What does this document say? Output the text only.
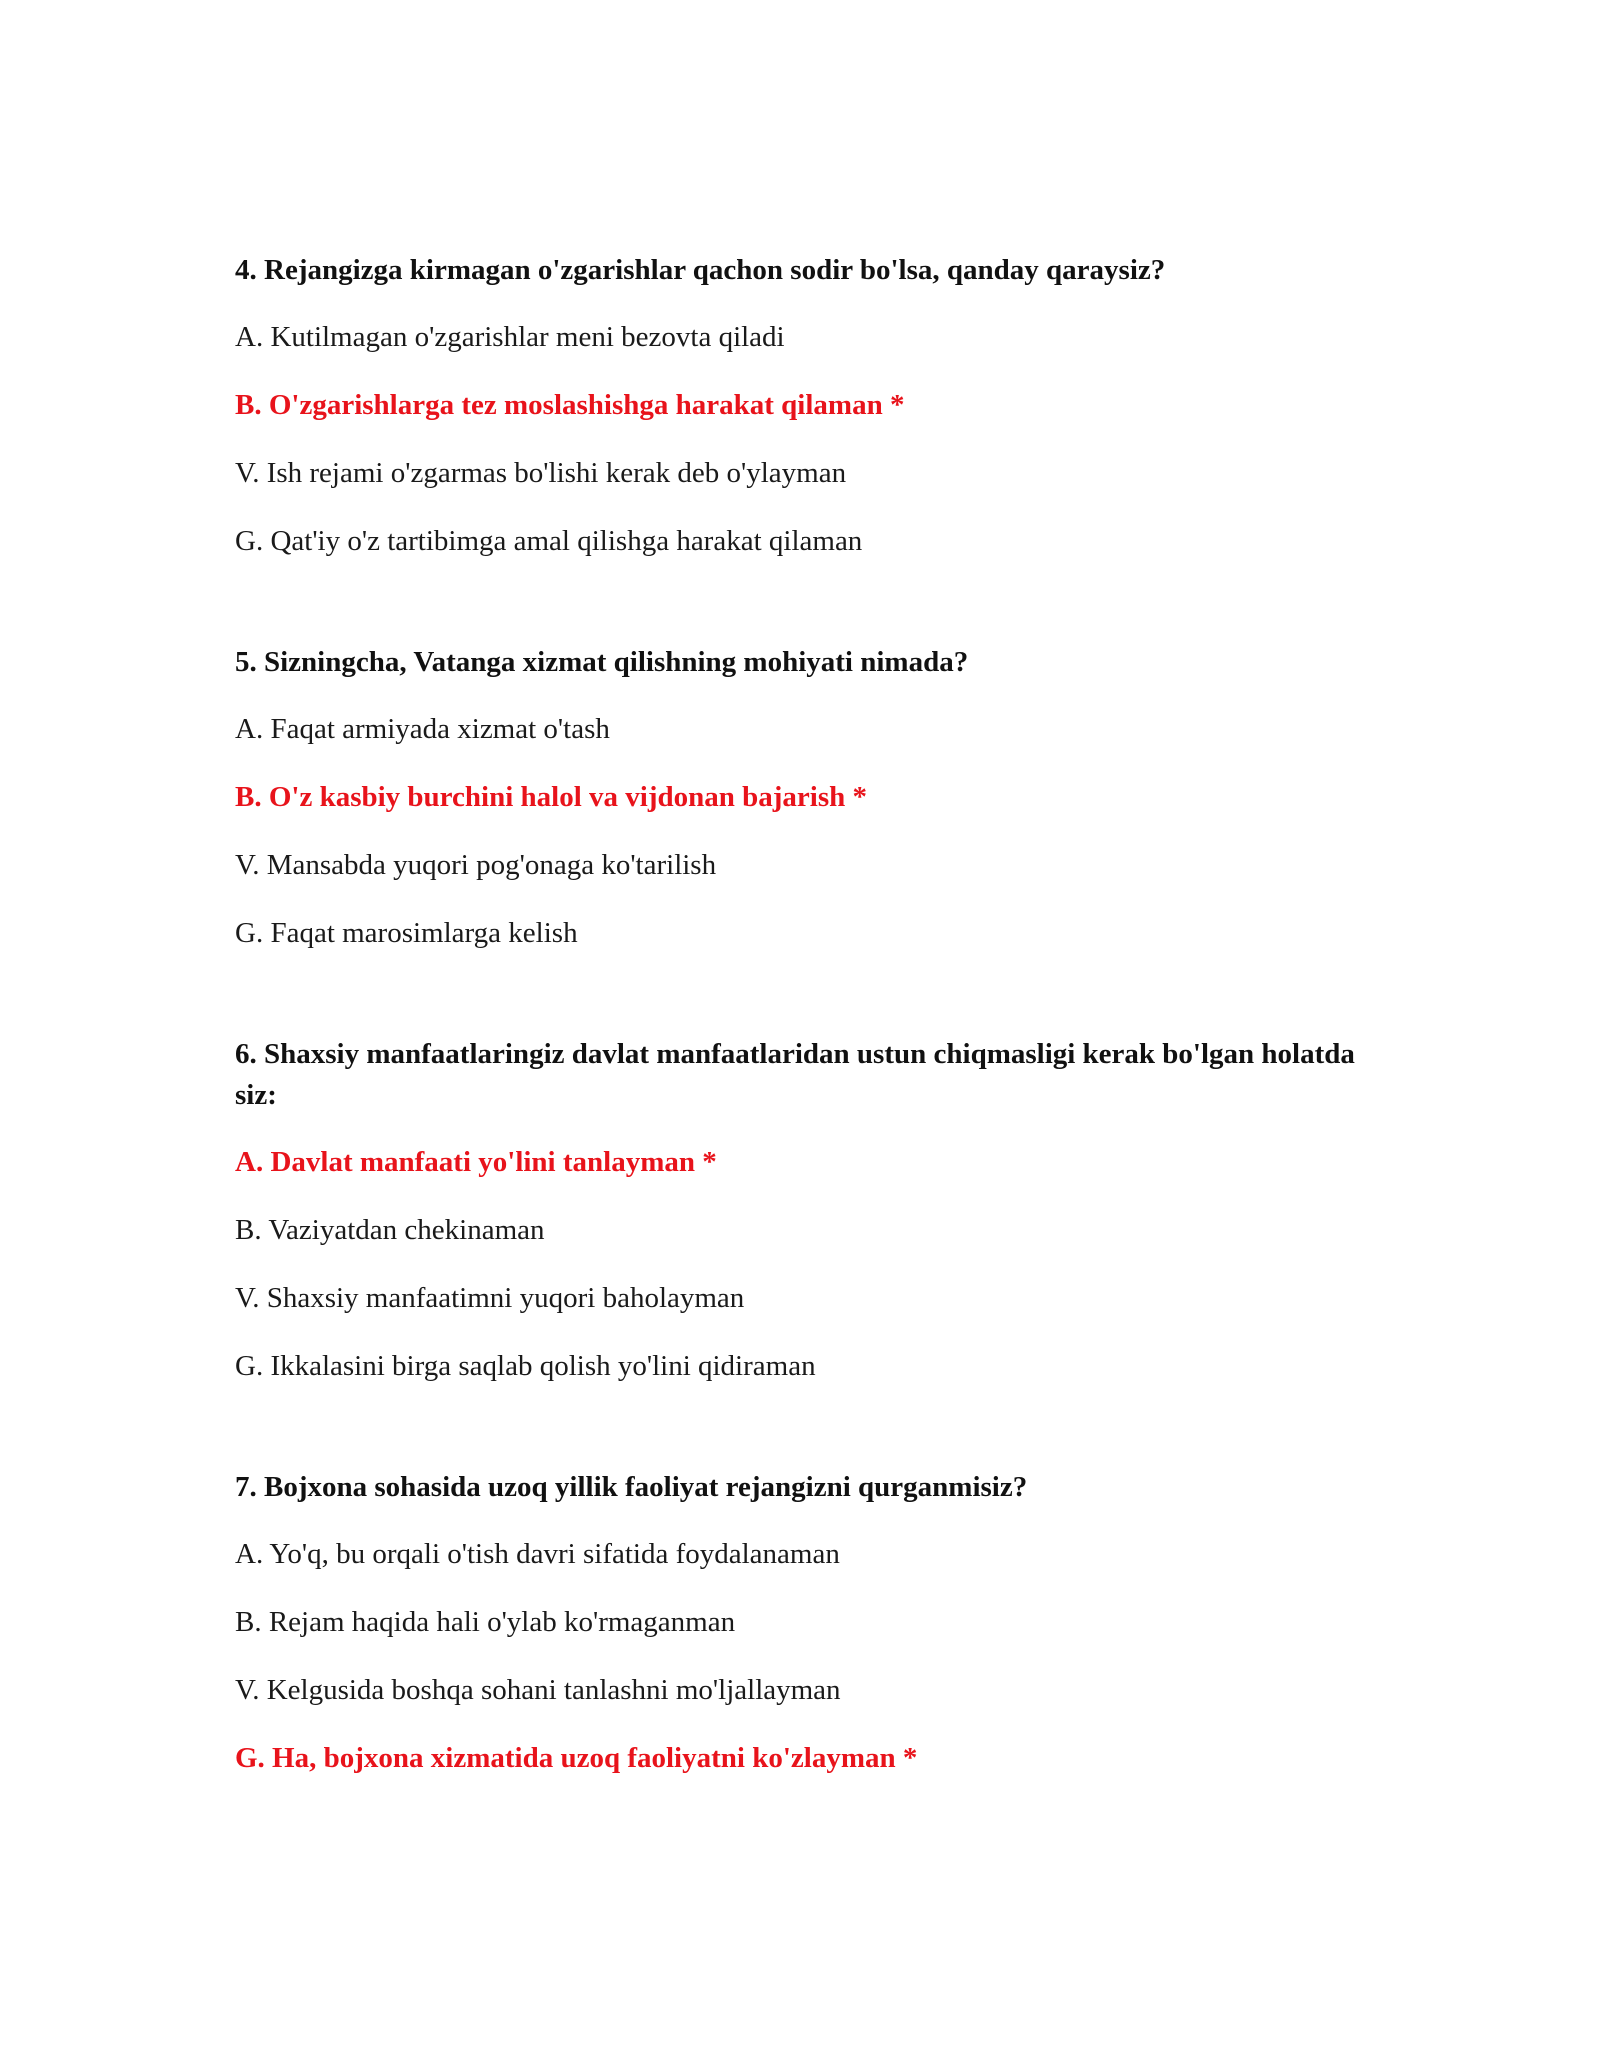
4. Rejangizga kirmagan o'zgarishlar qachon sodir bo'lsa, qanday qaraysiz?

A. Kutilmagan o'zgarishlar meni bezovta qiladi

B. O'zgarishlarga tez moslashishga harakat qilaman *

V. Ish rejami o'zgarmas bo'lishi kerak deb o'ylayman

G. Qat'iy o'z tartibimga amal qilishga harakat qilaman

5. Sizningcha, Vatanga xizmat qilishning mohiyati nimada?

A. Faqat armiyada xizmat o'tash

B. O'z kasbiy burchini halol va vijdonan bajarish *

V. Mansabda yuqori pog'onaga ko'tarilish

G. Faqat marosimlarga kelish

6. Shaxsiy manfaatlaringiz davlat manfaatlaridan ustun chiqmasligi kerak bo'lgan holatda siz:

A. Davlat manfaati yo'lini tanlayman *

B. Vaziyatdan chekinaman

V. Shaxsiy manfaatimni yuqori baholayman

G. Ikkalasini birga saqlab qolish yo'lini qidiraman

7. Bojxona sohasida uzoq yillik faoliyat rejangizni qurganmisiz?

A. Yo'q, bu orqali o'tish davri sifatida foydalanaman

B. Rejam haqida hali o'ylab ko'rmaganman

V. Kelgusida boshqa sohani tanlashni mo'ljallayman

G. Ha, bojxona xizmatida uzoq faoliyatni ko'zlayman *
